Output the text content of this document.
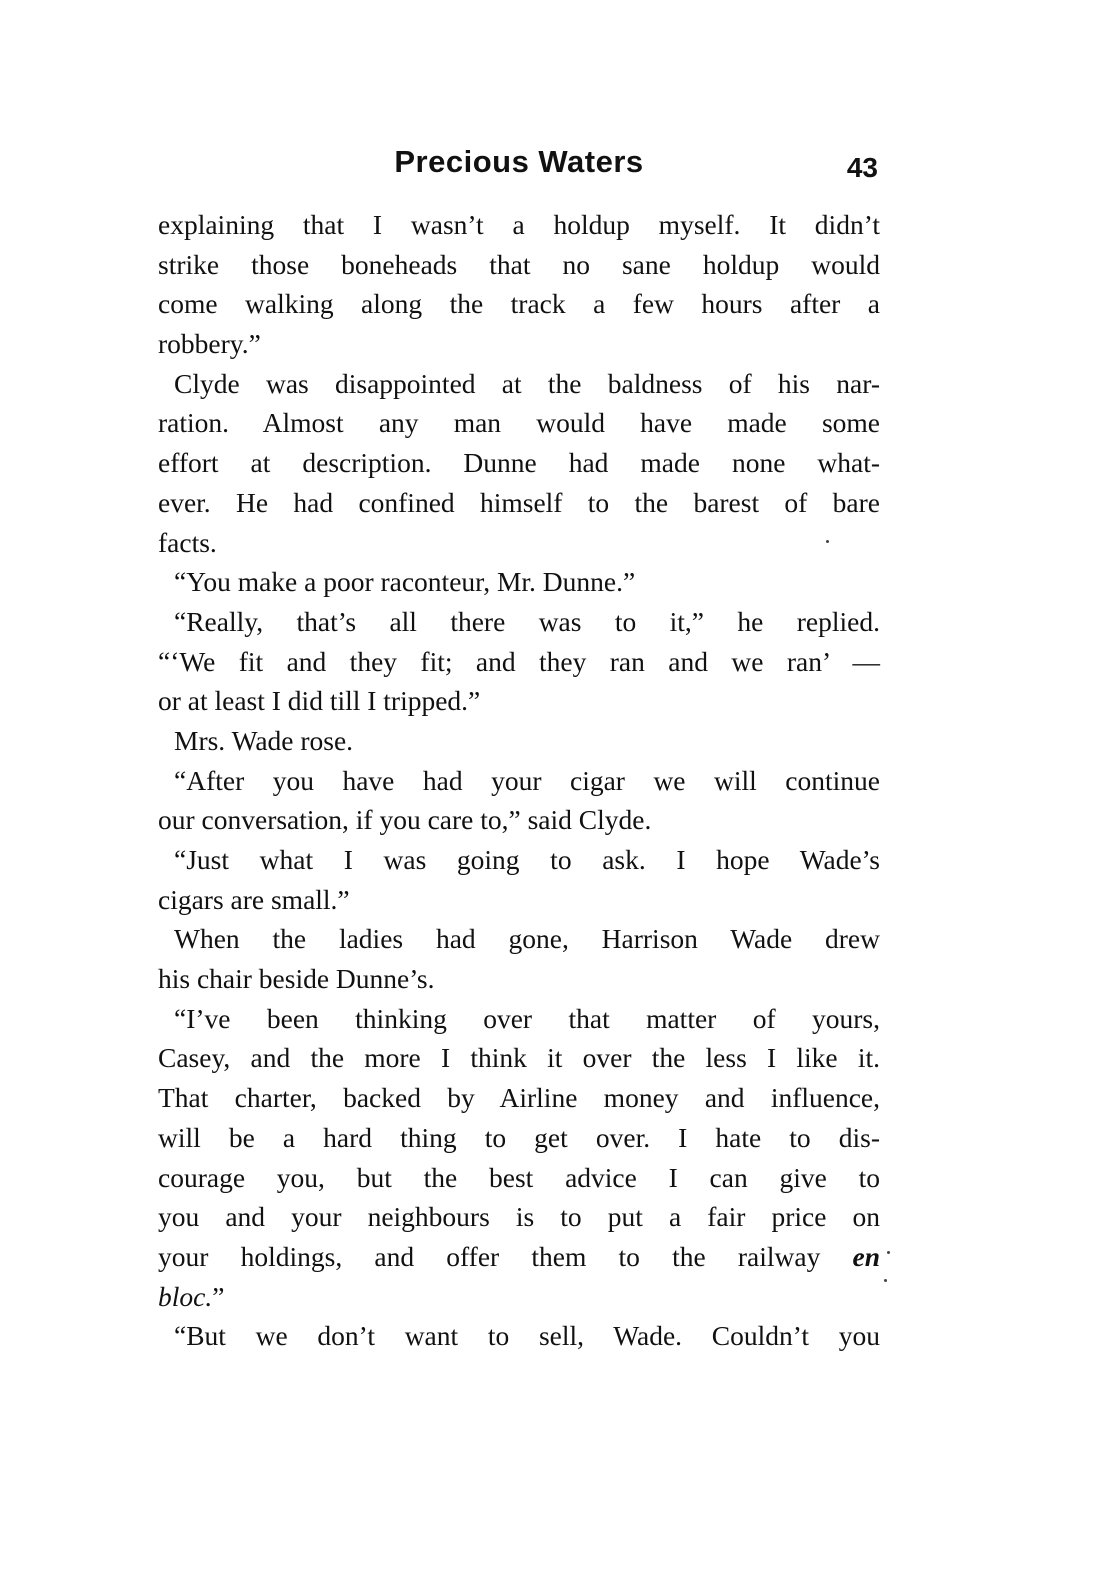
Precious Waters	43
explaining that I wasn’t a holdup myself. It didn’t
strike those boneheads that no sane holdup would
come walking along the track a few hours after a
robbery.”
Clyde was disappointed at the baldness of his nar-
ration. Almost any man would have made some
effort at description. Dunne had made none what-
ever. He had confined himself to the barest of bare
facts.
“You make a poor raconteur, Mr. Dunne.”
“Really, that’s all there was to it,” he replied.
“‘We fit and they fit; and they ran and we ran’ —
or at least I did till I tripped.”
Mrs. Wade rose.
“After you have had your cigar we will continue
our conversation, if you care to,” said Clyde.
“Just what I was going to ask. I hope Wade’s
cigars are small.”
When the ladies had gone, Harrison Wade drew
his chair beside Dunne’s.
“I’ve been thinking over that matter of yours,
Casey, and the more I think it over the less I like it.
That charter, backed by Airline money and influence,
will be a hard thing to get over. I hate to dis-
courage you, but the best advice I can give to
you and your neighbours is to put a fair price on
your holdings, and offer them to the railway en
bloc.”
“But we don’t want to sell, Wade. Couldn’t you
